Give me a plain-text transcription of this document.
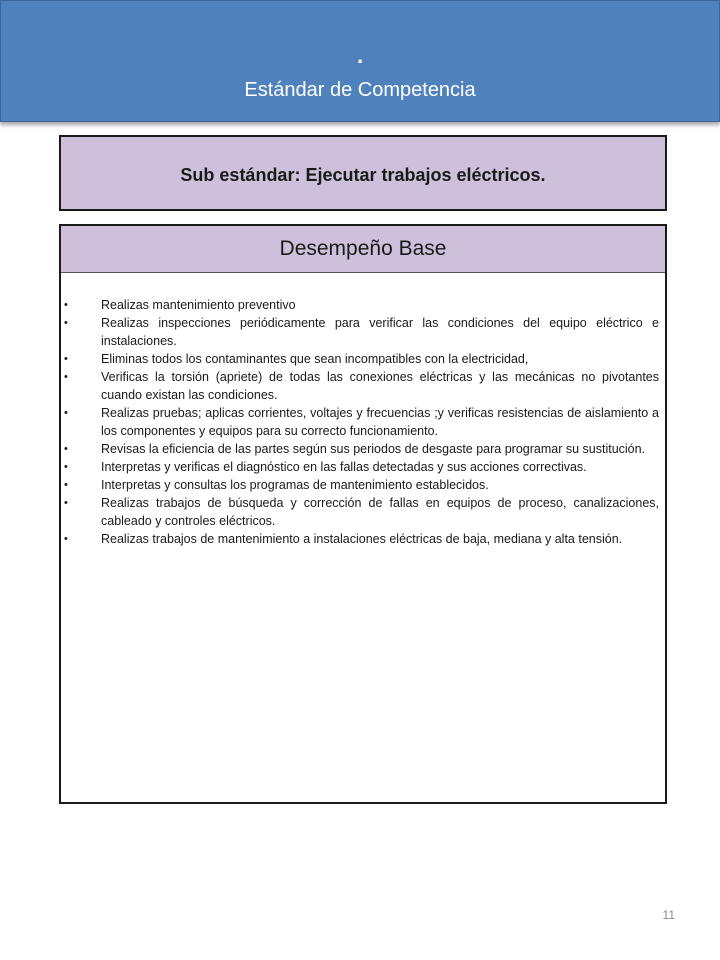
.
Estándar de Competencia
Sub estándar: Ejecutar trabajos eléctricos.
Desempeño Base
•	Realizas mantenimiento preventivo
•	Realizas inspecciones periódicamente para verificar las condiciones del equipo eléctrico e instalaciones.
•	Eliminas todos los contaminantes que sean incompatibles con la electricidad,
•	Verificas la torsión (apriete) de todas las conexiones eléctricas y las mecánicas no pivotantes cuando existan las condiciones.
•	Realizas pruebas; aplicas corrientes, voltajes y frecuencias ;y verificas resistencias de aislamiento a los componentes y equipos para su correcto funcionamiento.
•	Revisas la eficiencia de las partes según sus periodos de desgaste para programar su sustitución.
•	Interpretas y verificas el diagnóstico en las fallas detectadas y sus acciones correctivas.
•	Interpretas y consultas los programas de mantenimiento establecidos.
•	Realizas trabajos de búsqueda y corrección de fallas en equipos de proceso, canalizaciones, cableado y controles eléctricos.
•	Realizas trabajos de mantenimiento a instalaciones eléctricas de baja, mediana y alta tensión.
11
